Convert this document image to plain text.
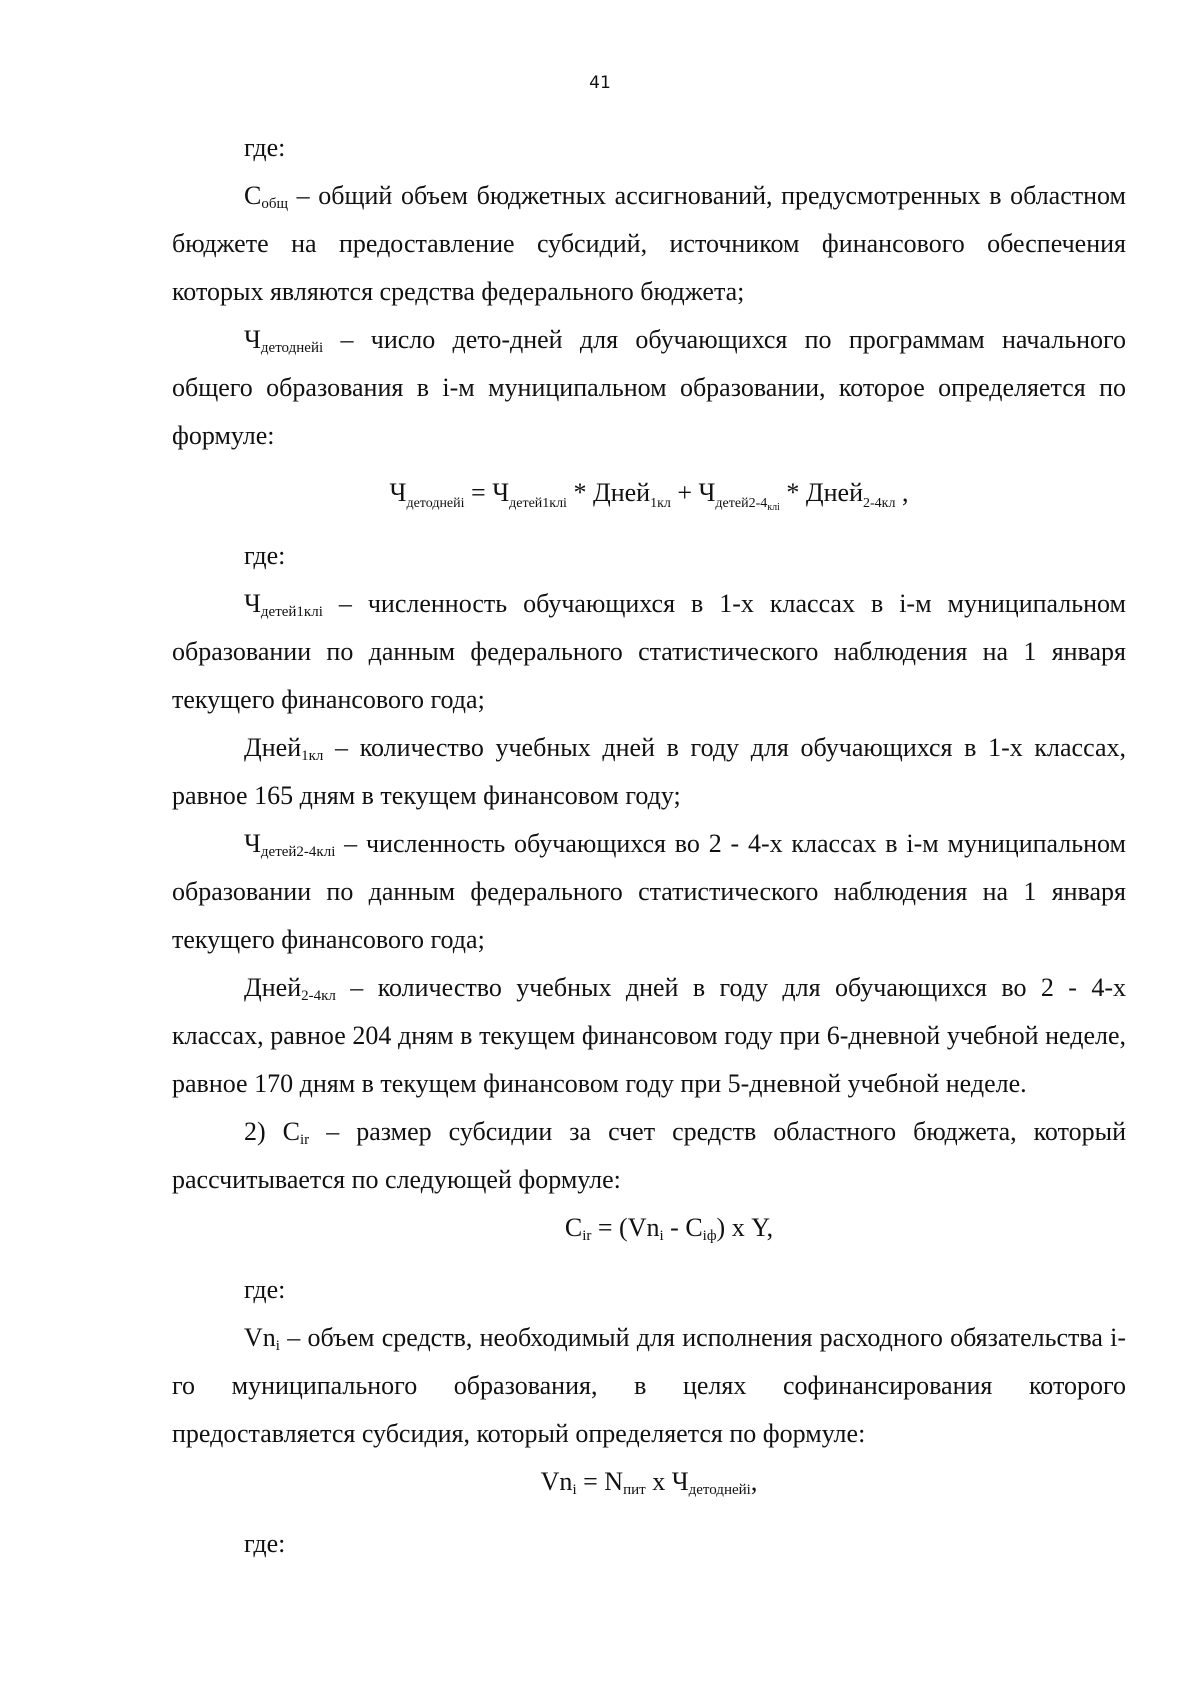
41

где:

$С_{общ}$ – общий объем бюджетных ассигнований, предусмотренных в областном бюджете на предоставление субсидий, источником финансового обеспечения которых являются средства федерального бюджета;

$Ч_{детоднейi}$ – число дето-дней для обучающихся по программам начального общего образования в i-м муниципальном образовании, которое определяется по формуле:

$Ч_{детоднейi} = Ч_{детей1клi}$ * Дней$_{1кл}$ + $Ч_{детей2-4_{клi}}$ * Дней$_{2-4кл}$ ,

где:

$Ч_{детей1клi}$ – численность обучающихся в 1-х классах в i-м муниципальном образовании по данным федерального статистического наблюдения на 1 января текущего финансового года;

Дней$_{1кл}$ – количество учебных дней в году для обучающихся в 1-х классах, равное 165 дням в текущем финансовом году;

$Ч_{детей2-4клi}$ – численность обучающихся во 2 - 4-х классах в i-м муниципальном образовании по данным федерального статистического наблюдения на 1 января текущего финансового года;

Дней$_{2-4кл}$ – количество учебных дней в году для обучающихся во 2 - 4-х классах, равное 204 дням в текущем финансовом году при 6-дневной учебной неделе, равное 170 дням в текущем финансовом году при 5-дневной учебной неделе.

2) $С_{ir}$ – размер субсидии за счет средств областного бюджета, который рассчитывается по следующей формуле:

$С_{ir} = (Vn_i - С_{iф})$ х Y,

где:

$Vn_i$ – объем средств, необходимый для исполнения расходного обязательства i-го муниципального образования, в целях софинансирования которого предоставляется субсидия, который определяется по формуле:

$Vn_i = N_{пит}$ х $Ч_{детоднейi}$,

где:
